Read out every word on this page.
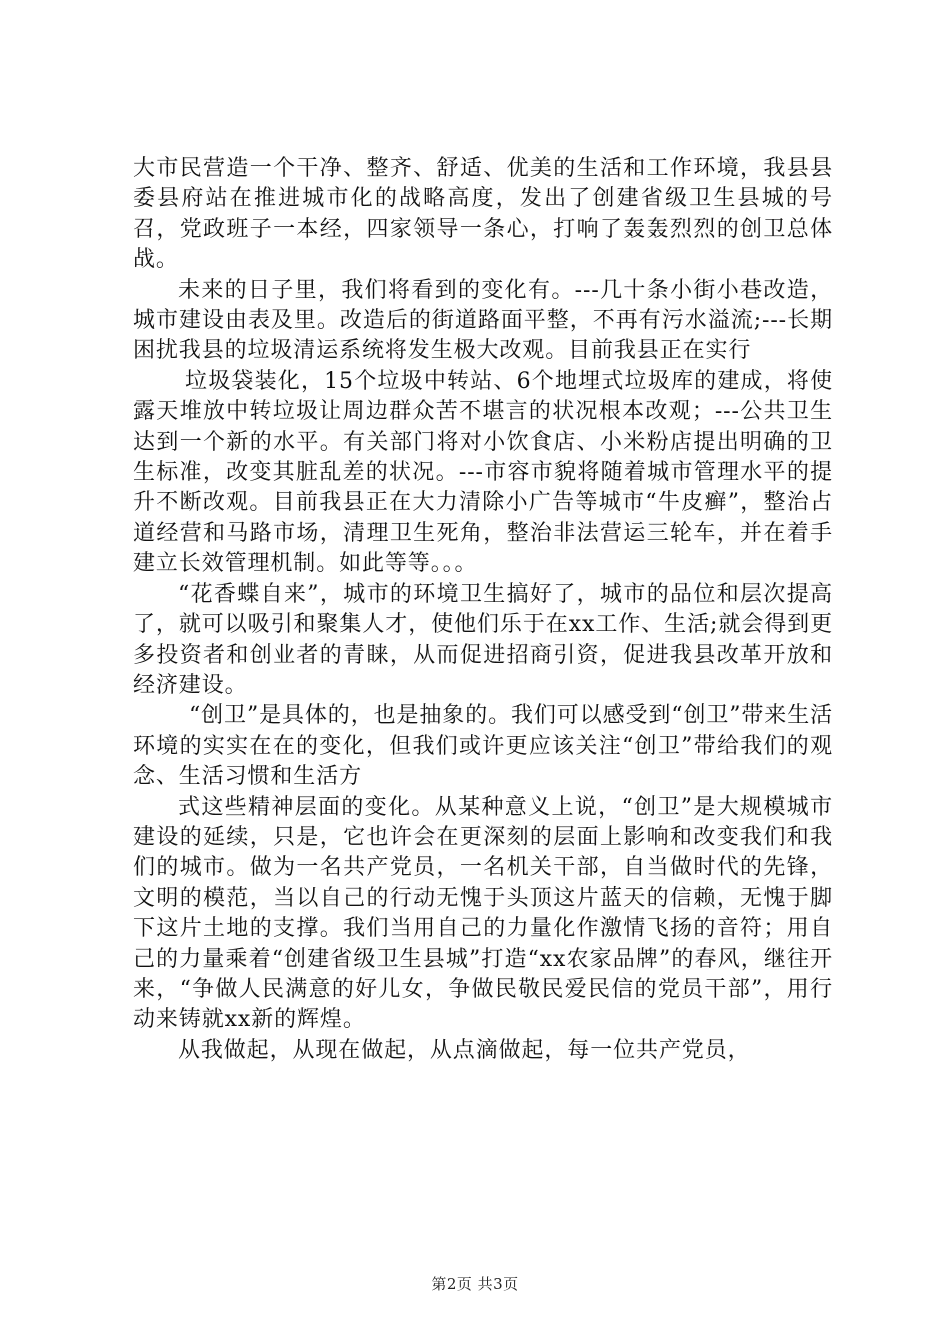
大市民营造一个干净、整齐、舒适、优美的生活和工作环境，我县县委县府站在推进城市化的战略高度，发出了创建省级卫生县城的号召，党政班子一本经，四家领导一条心，打响了轰轰烈烈的创卫总体战。

未来的日子里，我们将看到的变化有。---几十条小街小巷改造，城市建设由表及里。改造后的街道路面平整，不再有污水溢流;---长期困扰我县的垃圾清运系统将发生极大改观。目前我县正在实行

垃圾袋装化，15个垃圾中转站、6个地埋式垃圾库的建成，将使露天堆放中转垃圾让周边群众苦不堪言的状况根本改观；---公共卫生达到一个新的水平。有关部门将对小饮食店、小米粉店提出明确的卫生标准，改变其脏乱差的状况。---市容市貌将随着城市管理水平的提升不断改观。目前我县正在大力清除小广告等城市“牛皮癣”，整治占道经营和马路市场，清理卫生死角，整治非法营运三轮车，并在着手建立长效管理机制。如此等等。。。

“花香蝶自来”，城市的环境卫生搞好了，城市的品位和层次提高了，就可以吸引和聚集人才，使他们乐于在xx工作、生活;就会得到更多投资者和创业者的青睐，从而促进招商引资，促进我县改革开放和经济建设。

“创卫”是具体的，也是抽象的。我们可以感受到“创卫”带来生活环境的实实在在的变化，但我们或许更应该关注“创卫”带给我们的观念、生活习惯和生活方

式这些精神层面的变化。从某种意义上说，“创卫”是大规模城市建设的延续，只是，它也许会在更深刻的层面上影响和改变我们和我们的城市。做为一名共产党员，一名机关干部，自当做时代的先锋，文明的模范，当以自己的行动无愧于头顶这片蓝天的信赖，无愧于脚下这片土地的支撑。我们当用自己的力量化作激情飞扬的音符；用自己的力量乘着“创建省级卫生县城”打造“xx农家品牌”的春风，继往开来，“争做人民满意的好儿女，争做民敬民爱民信的党员干部”，用行动来铸就xx新的辉煌。

从我做起，从现在做起，从点滴做起，每一位共产党员，

第2页 共3页
